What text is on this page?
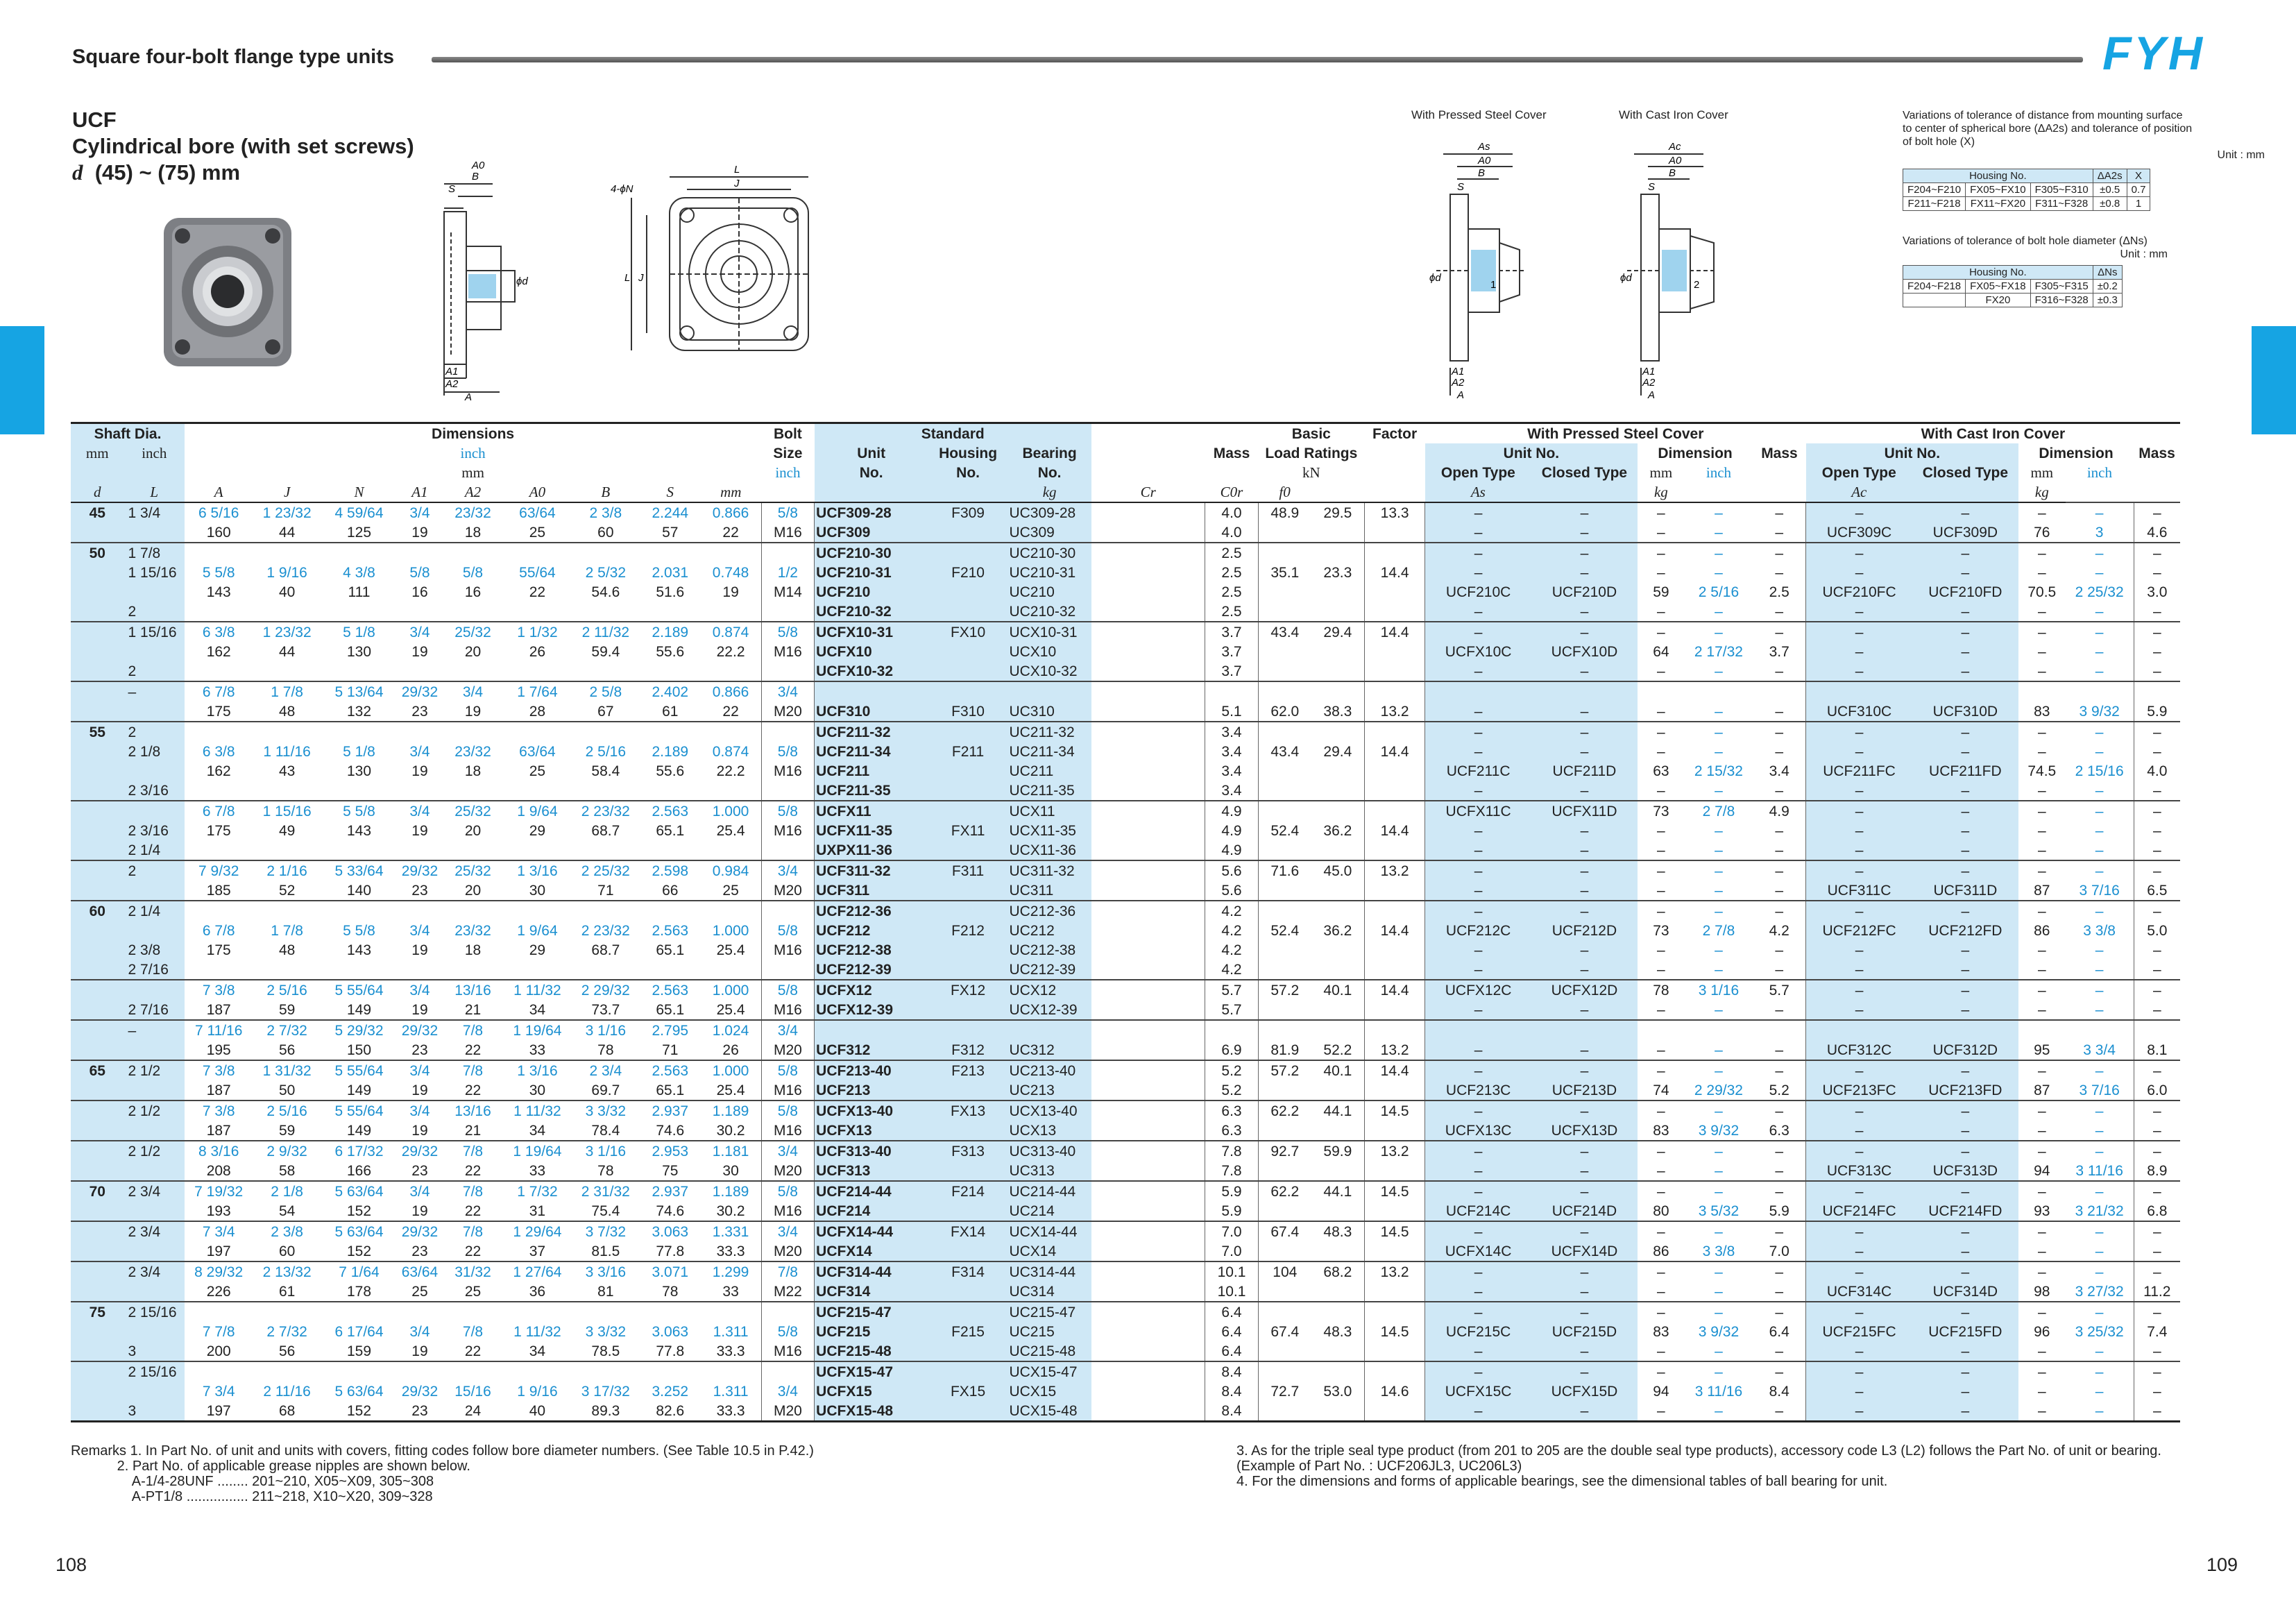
Square four-bolt flange type units	FYH
UCF
Cylindrical bore (with set screws)
d (45) ~ (75) mm	A0
B
S
ϕd
A1
A2
A
L
J
4-ϕN
L J
With Pressed Steel Cover	With Cast Iron Cover
As
A0
B
S
ϕd
1
A1
A2
A
Ac
A0
B
S
ϕd
2
A1
A2
A
Variations of tolerance of distance from mounting surface
to center of spherical bore (ΔA2s) and tolerance of position
of bolt hole (X)
Unit : mm
Housing No.			ΔA2s	X
F204~F210	FX05~FX10	F305~F310	±0.5	0.7
F211~F218	FX11~FX20	F311~F328	±0.8	1
Variations of tolerance of bolt hole diameter (ΔNs)
Unit : mm
Housing No.			ΔNs
F204~F218	FX05~FX18	F305~F315	±0.2
	FX20	F316~F328	±0.3
Shaft Dia.		Dimensions									Bolt	Standard					Basic		Factor	With Pressed Steel Cover					With Cast Iron Cover				
mm	inch	inch									Size	Unit	Housing	Bearing		Mass	Load Ratings			Unit No.		Dimension		Mass	Unit No.		Dimension		Mass
		mm									inch	No.	No.	No.			kN			Open Type	Closed Type	mm	inch		Open Type	Closed Type	mm	inch	
d	L	A	J	N	A1	A2	A0	B	S	mm				kg	Cr	C0r	f0			As		kg			Ac		kg		
45	1 3/4	6 5/16	1 23/32	4 59/64	3/4	23/32	63/64	2 3/8	2.244	0.866	5/8	UCF309-28	F309	UC309-28		4.0	48.9	29.5	13.3	–	–	–	–	–	–	–	–	–	–
		160	44	125	19	18	25	60	57	22	M16	UCF309		UC309		4.0				–	–	–	–	–	UCF309C	UCF309D	76	3	4.6
50	1 7/8											UCF210-30		UC210-30		2.5				–	–	–	–	–	–	–	–	–	–
	1 15/16	5 5/8	1 9/16	4 3/8	5/8	5/8	55/64	2 5/32	2.031	0.748	1/2	UCF210-31	F210	UC210-31		2.5	35.1	23.3	14.4	–	–	–	–	–	–	–	–	–	–
		143	40	111	16	16	22	54.6	51.6	19	M14	UCF210		UC210		2.5				UCF210C	UCF210D	59	2 5/16	2.5	UCF210FC	UCF210FD	70.5	2 25/32	3.0
	2											UCF210-32		UC210-32		2.5				–	–	–	–	–	–	–	–	–	–
	1 15/16	6 3/8	1 23/32	5 1/8	3/4	25/32	1 1/32	2 11/32	2.189	0.874	5/8	UCFX10-31	FX10	UCX10-31		3.7	43.4	29.4	14.4	–	–	–	–	–	–	–	–	–	–
		162	44	130	19	20	26	59.4	55.6	22.2	M16	UCFX10		UCX10		3.7				UCFX10C	UCFX10D	64	2 17/32	3.7	–	–	–	–	–
	2											UCFX10-32		UCX10-32		3.7				–	–	–	–	–	–	–	–	–	–
	–	6 7/8	1 7/8	5 13/64	29/32	3/4	1 7/64	2 5/8	2.402	0.866	3/4																		
		175	48	132	23	19	28	67	61	22	M20	UCF310	F310	UC310		5.1	62.0	38.3	13.2	–	–	–	–	–	UCF310C	UCF310D	83	3 9/32	5.9
55	2											UCF211-32		UC211-32		3.4				–	–	–	–	–	–	–	–	–	–
	2 1/8	6 3/8	1 11/16	5 1/8	3/4	23/32	63/64	2 5/16	2.189	0.874	5/8	UCF211-34	F211	UC211-34		3.4	43.4	29.4	14.4	–	–	–	–	–	–	–	–	–	–
		162	43	130	19	18	25	58.4	55.6	22.2	M16	UCF211		UC211		3.4				UCF211C	UCF211D	63	2 15/32	3.4	UCF211FC	UCF211FD	74.5	2 15/16	4.0
	2 3/16											UCF211-35		UC211-35		3.4				–	–	–	–	–	–	–	–	–	–
		6 7/8	1 15/16	5 5/8	3/4	25/32	1 9/64	2 23/32	2.563	1.000	5/8	UCFX11		UCX11		4.9				UCFX11C	UCFX11D	73	2 7/8	4.9	–	–	–	–	–
	2 3/16	175	49	143	19	20	29	68.7	65.1	25.4	M16	UCFX11-35	FX11	UCX11-35		4.9	52.4	36.2	14.4	–	–	–	–	–	–	–	–	–	–
	2 1/4											UXPX11-36		UCX11-36		4.9				–	–	–	–	–	–	–	–	–	–
	2	7 9/32	2 1/16	5 33/64	29/32	25/32	1 3/16	2 25/32	2.598	0.984	3/4	UCF311-32	F311	UC311-32		5.6	71.6	45.0	13.2	–	–	–	–	–	–	–	–	–	–
		185	52	140	23	20	30	71	66	25	M20	UCF311		UC311		5.6				–	–	–	–	–	UCF311C	UCF311D	87	3 7/16	6.5
60	2 1/4											UCF212-36		UC212-36		4.2				–	–	–	–	–	–	–	–	–	–
		6 7/8	1 7/8	5 5/8	3/4	23/32	1 9/64	2 23/32	2.563	1.000	5/8	UCF212	F212	UC212		4.2	52.4	36.2	14.4	UCF212C	UCF212D	73	2 7/8	4.2	UCF212FC	UCF212FD	86	3 3/8	5.0
	2 3/8	175	48	143	19	18	29	68.7	65.1	25.4	M16	UCF212-38		UC212-38		4.2				–	–	–	–	–	–	–	–	–	–
	2 7/16											UCF212-39		UC212-39		4.2				–	–	–	–	–	–	–	–	–	–
		7 3/8	2 5/16	5 55/64	3/4	13/16	1 11/32	2 29/32	2.563	1.000	5/8	UCFX12	FX12	UCX12		5.7	57.2	40.1	14.4	UCFX12C	UCFX12D	78	3 1/16	5.7	–	–	–	–	–
	2 7/16	187	59	149	19	21	34	73.7	65.1	25.4	M16	UCFX12-39		UCX12-39		5.7				–	–	–	–	–	–	–	–	–	–
	–	7 11/16	2 7/32	5 29/32	29/32	7/8	1 19/64	3 1/16	2.795	1.024	3/4																		
		195	56	150	23	22	33	78	71	26	M20	UCF312	F312	UC312		6.9	81.9	52.2	13.2	–	–	–	–	–	UCF312C	UCF312D	95	3 3/4	8.1
65	2 1/2	7 3/8	1 31/32	5 55/64	3/4	7/8	1 3/16	2 3/4	2.563	1.000	5/8	UCF213-40	F213	UC213-40		5.2	57.2	40.1	14.4	–	–	–	–	–	–	–	–	–	–
		187	50	149	19	22	30	69.7	65.1	25.4	M16	UCF213		UC213		5.2				UCF213C	UCF213D	74	2 29/32	5.2	UCF213FC	UCF213FD	87	3 7/16	6.0
	2 1/2	7 3/8	2 5/16	5 55/64	3/4	13/16	1 11/32	3 3/32	2.937	1.189	5/8	UCFX13-40	FX13	UCX13-40		6.3	62.2	44.1	14.5	–	–	–	–	–	–	–	–	–	–
		187	59	149	19	21	34	78.4	74.6	30.2	M16	UCFX13		UCX13		6.3				UCFX13C	UCFX13D	83	3 9/32	6.3	–	–	–	–	–
	2 1/2	8 3/16	2 9/32	6 17/32	29/32	7/8	1 19/64	3 1/16	2.953	1.181	3/4	UCF313-40	F313	UC313-40		7.8	92.7	59.9	13.2	–	–	–	–	–	–	–	–	–	–
		208	58	166	23	22	33	78	75	30	M20	UCF313		UC313		7.8				–	–	–	–	–	UCF313C	UCF313D	94	3 11/16	8.9
70	2 3/4	7 19/32	2 1/8	5 63/64	3/4	7/8	1 7/32	2 31/32	2.937	1.189	5/8	UCF214-44	F214	UC214-44		5.9	62.2	44.1	14.5	–	–	–	–	–	–	–	–	–	–
		193	54	152	19	22	31	75.4	74.6	30.2	M16	UCF214		UC214		5.9				UCF214C	UCF214D	80	3 5/32	5.9	UCF214FC	UCF214FD	93	3 21/32	6.8
	2 3/4	7 3/4	2 3/8	5 63/64	29/32	7/8	1 29/64	3 7/32	3.063	1.331	3/4	UCFX14-44	FX14	UCX14-44		7.0	67.4	48.3	14.5	–	–	–	–	–	–	–	–	–	–
		197	60	152	23	22	37	81.5	77.8	33.3	M20	UCFX14		UCX14		7.0				UCFX14C	UCFX14D	86	3 3/8	7.0	–	–	–	–	–
	2 3/4	8 29/32	2 13/32	7 1/64	63/64	31/32	1 27/64	3 3/16	3.071	1.299	7/8	UCF314-44	F314	UC314-44		10.1	104	68.2	13.2	–	–	–	–	–	–	–	–	–	–
		226	61	178	25	25	36	81	78	33	M22	UCF314		UC314		10.1				–	–	–	–	–	UCF314C	UCF314D	98	3 27/32	11.2
75	2 15/16											UCF215-47		UC215-47		6.4				–	–	–	–	–	–	–	–	–	–
		7 7/8	2 7/32	6 17/64	3/4	7/8	1 11/32	3 3/32	3.063	1.311	5/8	UCF215	F215	UC215		6.4	67.4	48.3	14.5	UCF215C	UCF215D	83	3 9/32	6.4	UCF215FC	UCF215FD	96	3 25/32	7.4
	3	200	56	159	19	22	34	78.5	77.8	33.3	M16	UCF215-48		UC215-48		6.4				–	–	–	–	–	–	–	–	–	–
	2 15/16											UCFX15-47		UCX15-47		8.4				–	–	–	–	–	–	–	–	–	–
		7 3/4	2 11/16	5 63/64	29/32	15/16	1 9/16	3 17/32	3.252	1.311	3/4	UCFX15	FX15	UCX15		8.4	72.7	53.0	14.6	UCFX15C	UCFX15D	94	3 11/16	8.4	–	–	–	–	–
	3	197	68	152	23	24	40	89.3	82.6	33.3	M20	UCFX15-48		UCX15-48		8.4				–	–	–	–	–	–	–	–	–	–
Remarks 1. In Part No. of unit and units with covers, fitting codes follow bore diameter numbers. (See Table 10.5 in P.42.)
2. Part No. of applicable grease nipples are shown below.
A-1/4-28UNF ........ 201~210, X05~X09, 305~308
A-PT1/8 ................ 211~218, X10~X20, 309~328
3. As for the triple seal type product (from 201 to 205 are the double seal type products), accessory code L3 (L2) follows the Part No. of unit or bearing. (Example of Part No. : UCF206JL3, UC206L3)
4. For the dimensions and forms of applicable bearings, see the dimensional tables of ball bearing for unit.
108	109
